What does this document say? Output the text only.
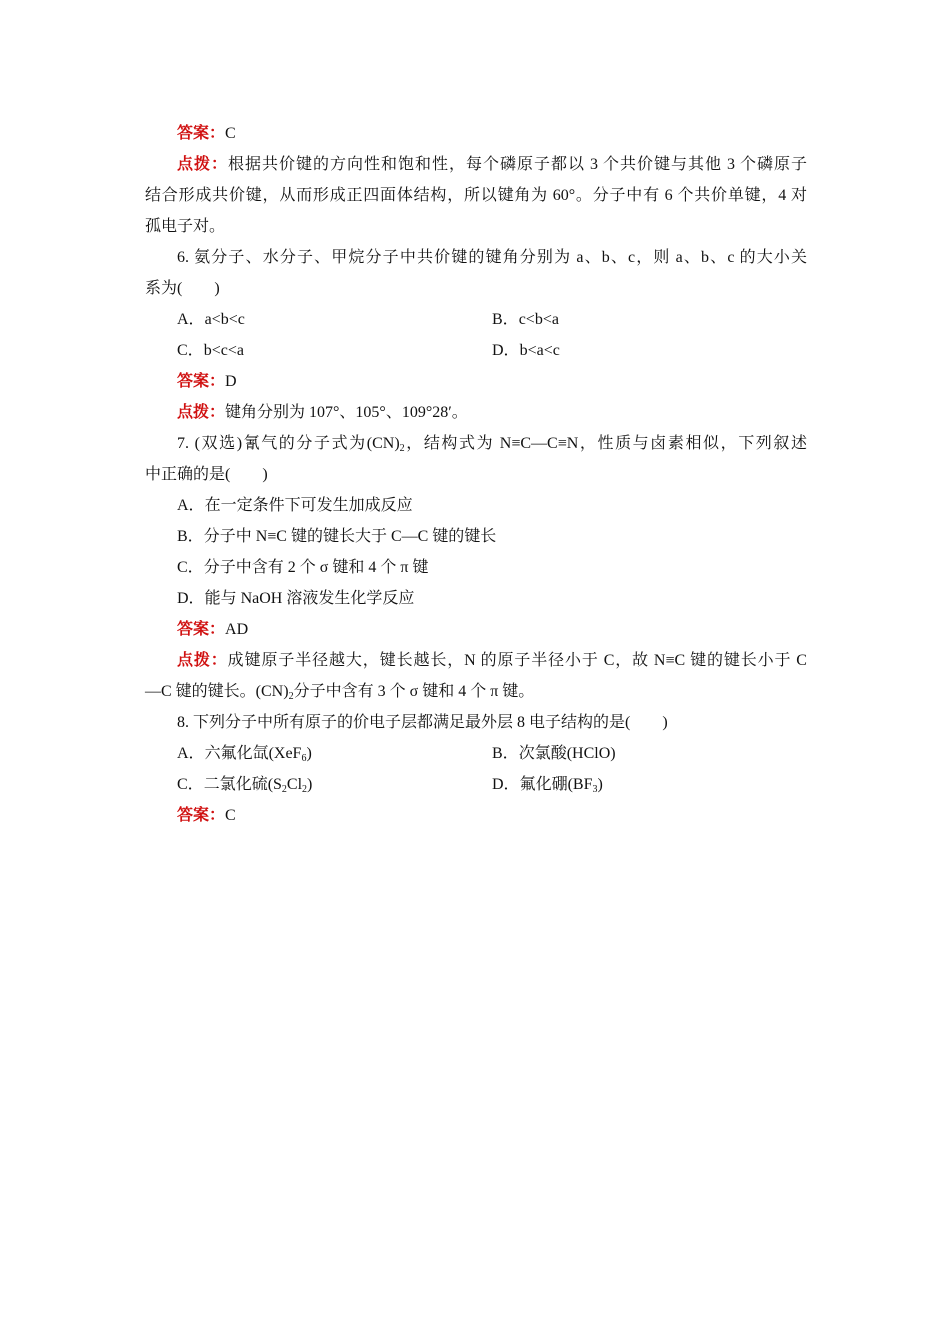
答案：C
点拨：根据共价键的方向性和饱和性，每个磷原子都以 3 个共价键与其他 3 个磷原子
结合形成共价键，从而形成正四面体结构，所以键角为 60°。分子中有 6 个共价单键，4 对
孤电子对。
6. 氨分子、水分子、甲烷分子中共价键的键角分别为 a、b、c，则 a、b、c 的大小关
系为(　　)
A．a<b<c	B．c<b<a
C．b<c<a	D．b<a<c
答案：D
点拨：键角分别为 107°、105°、109°28′。
7. (双选)氰气的分子式为$(CN)_2$，结构式为 N≡C—C≡N，性质与卤素相似，下列叙述
中正确的是(　　)
A．在一定条件下可发生加成反应
B．分子中 N≡C 键的键长大于 C—C 键的键长
C．分子中含有 2 个 σ 键和 4 个 π 键
D．能与 NaOH 溶液发生化学反应
答案：AD
点拨：成键原子半径越大，键长越长，N 的原子半径小于 C，故 N≡C 键的键长小于 C
—C 键的键长。$(CN)_2$分子中含有 3 个 σ 键和 4 个 π 键。
8. 下列分子中所有原子的价电子层都满足最外层 8 电子结构的是(　　)
A．六氟化氙(XeF$_6$)	B．次氯酸(HClO)
C．二氯化硫$(S_2Cl_2)$	D．氟化硼$(BF_3)$
答案：C
